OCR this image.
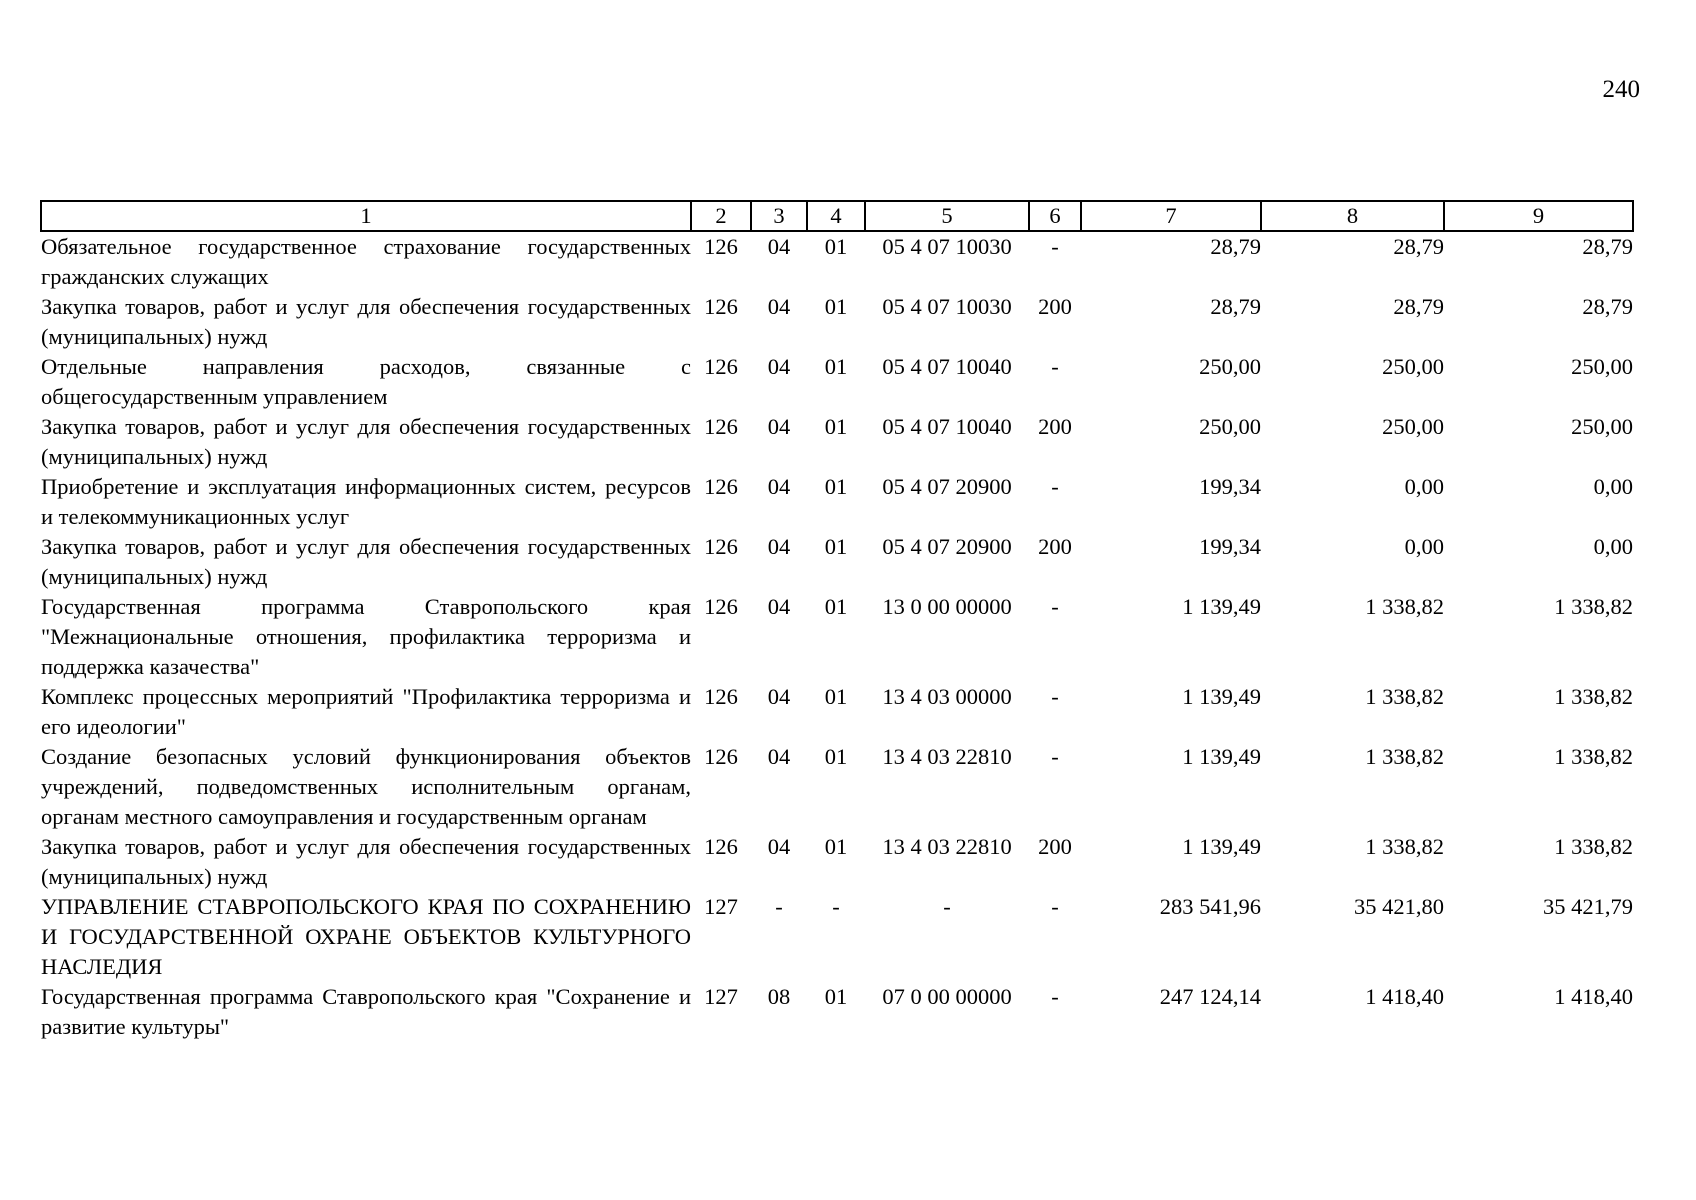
240
1	2	3	4	5	6	7	8	9
Обязательное государственное страхование государственных гражданских служащих	126	04	01	05 4 07 10030	-	28,79	28,79	28,79
Закупка товаров, работ и услуг для обеспечения государственных (муниципальных) нужд	126	04	01	05 4 07 10030	200	28,79	28,79	28,79
Отдельные направления расходов, связанные с общегосударственным управлением	126	04	01	05 4 07 10040	-	250,00	250,00	250,00
Закупка товаров, работ и услуг для обеспечения государственных (муниципальных) нужд	126	04	01	05 4 07 10040	200	250,00	250,00	250,00
Приобретение и эксплуатация информационных систем, ресурсов и телекоммуникационных услуг	126	04	01	05 4 07 20900	-	199,34	0,00	0,00
Закупка товаров, работ и услуг для обеспечения государственных (муниципальных) нужд	126	04	01	05 4 07 20900	200	199,34	0,00	0,00
Государственная программа Ставропольского края "Межнациональные отношения, профилактика терроризма и поддержка казачества"	126	04	01	13 0 00 00000	-	1 139,49	1 338,82	1 338,82
Комплекс процессных мероприятий "Профилактика терроризма и его идеологии"	126	04	01	13 4 03 00000	-	1 139,49	1 338,82	1 338,82
Создание безопасных условий функционирования объектов учреждений, подведомственных исполнительным органам, органам местного самоуправления и государственным органам	126	04	01	13 4 03 22810	-	1 139,49	1 338,82	1 338,82
Закупка товаров, работ и услуг для обеспечения государственных (муниципальных) нужд	126	04	01	13 4 03 22810	200	1 139,49	1 338,82	1 338,82
УПРАВЛЕНИЕ СТАВРОПОЛЬСКОГО КРАЯ ПО СОХРАНЕНИЮ И ГОСУДАРСТВЕННОЙ ОХРАНЕ ОБЪЕКТОВ КУЛЬТУРНОГО НАСЛЕДИЯ	127	-	-	-	-	283 541,96	35 421,80	35 421,79
Государственная программа Ставропольского края "Сохранение и развитие культуры"	127	08	01	07 0 00 00000	-	247 124,14	1 418,40	1 418,40
